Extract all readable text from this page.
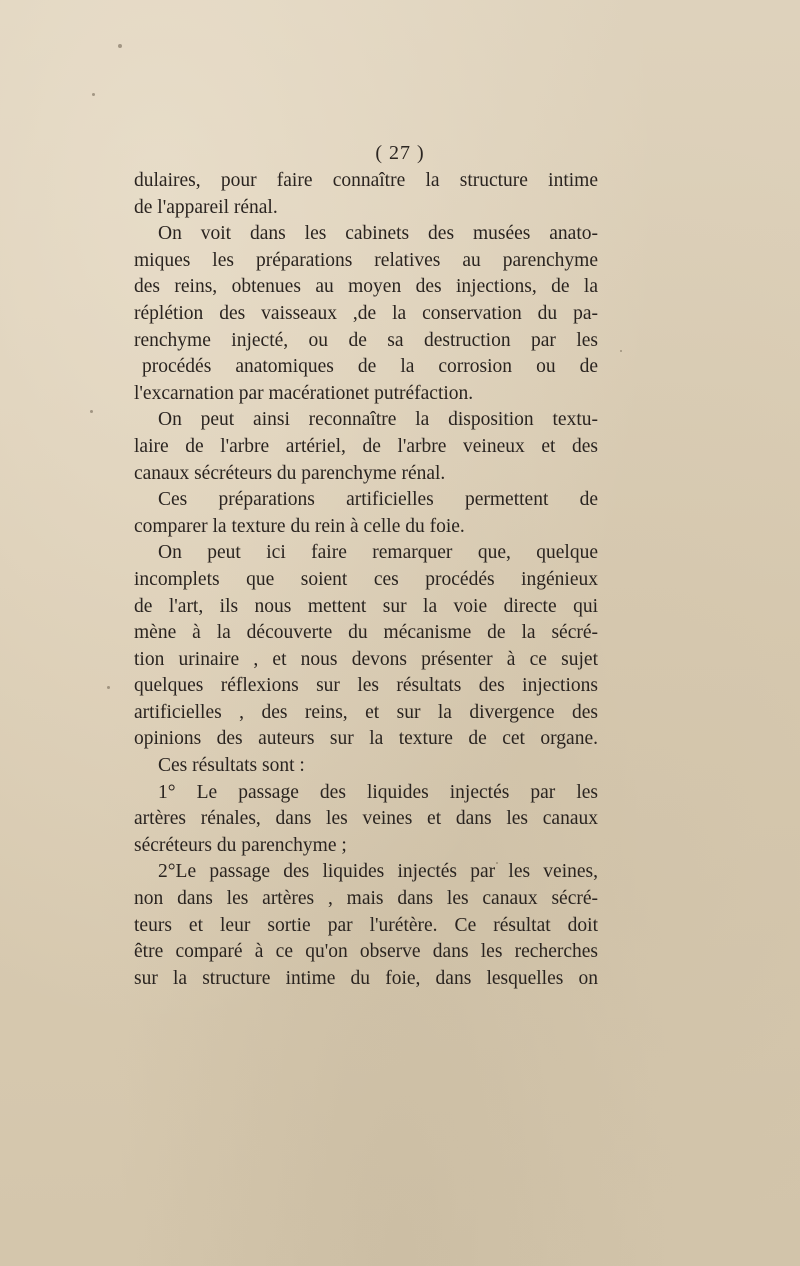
( 27 )
dulaires, pour faire connaître la structure intime
de l'appareil rénal.
On voit dans les cabinets des musées anato-
miques les préparations relatives au parenchyme
des reins, obtenues au moyen des injections, de la
réplétion des vaisseaux ,de la conservation du pa-
renchyme injecté, ou de sa destruction par les
procédés anatomiques de la corrosion ou de
l'excarnation par macérationet putréfaction.
On peut ainsi reconnaître la disposition textu-
laire de l'arbre artériel, de l'arbre veineux et des
canaux sécréteurs du parenchyme rénal.
Ces préparations artificielles permettent de
comparer la texture du rein à celle du foie.
On peut ici faire remarquer que, quelque
incomplets que soient ces procédés ingénieux
de l'art, ils nous mettent sur la voie directe qui
mène à la découverte du mécanisme de la sécré-
tion urinaire , et nous devons présenter à ce sujet
quelques réflexions sur les résultats des injections
artificielles , des reins, et sur la divergence des
opinions des auteurs sur la texture de cet organe.
Ces résultats sont :
1° Le passage des liquides injectés par les
artères rénales, dans les veines et dans les canaux
sécréteurs du parenchyme ;
2°Le passage des liquides injectés par les veines,
non dans les artères , mais dans les canaux sécré-
teurs et leur sortie par l'urétère. Ce résultat doit
être comparé à ce qu'on observe dans les recherches
sur la structure intime du foie, dans lesquelles on
